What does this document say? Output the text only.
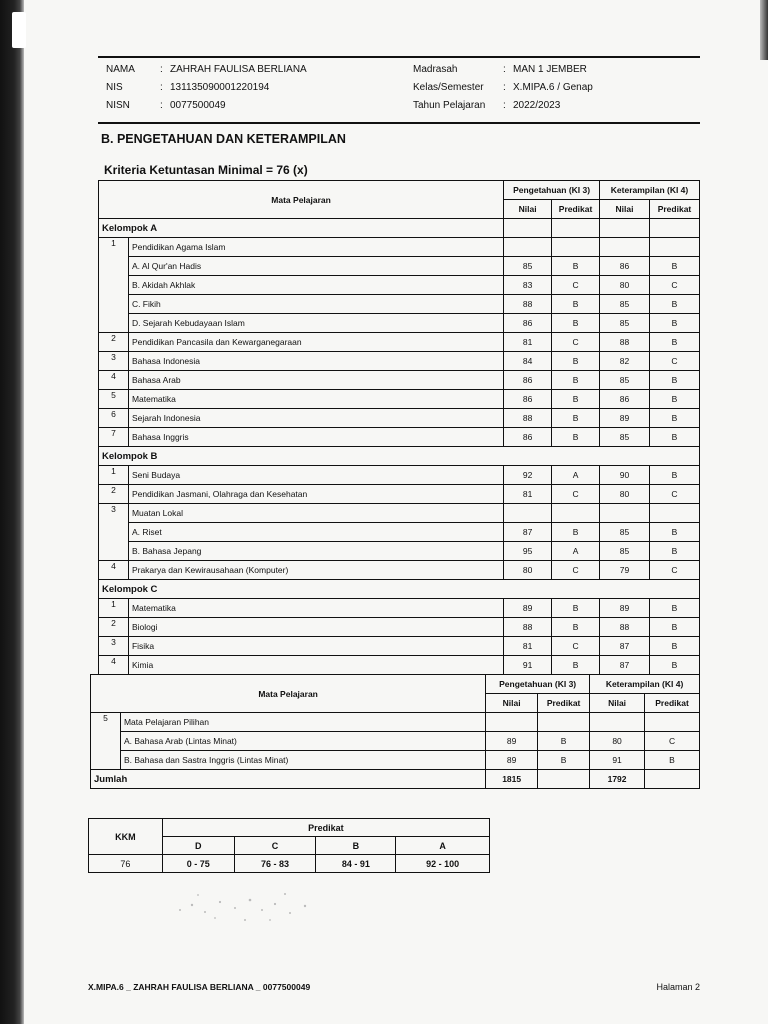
NAMA	: ZAHRAH FAULISA BERLIANA
NIS	: 131135090001220194
NISN	: 0077500049
Madrasah	: MAN 1 JEMBER
Kelas/Semester : X.MIPA.6 / Genap
Tahun Pelajaran : 2022/2023
B. PENGETAHUAN DAN KETERAMPILAN
Kriteria Ketuntasan Minimal = 76 (x)
Mata Pelajaran		Pengetahuan (KI 3)		Keterampilan (KI 4)	
		Nilai	Predikat	Nilai	Predikat
Kelompok A					
1	Pendidikan Agama Islam				
	A. Al Qur'an Hadis	85	B	86	B
	B. Akidah Akhlak	83	C	80	C
	C. Fikih	88	B	85	B
	D. Sejarah Kebudayaan Islam	86	B	85	B
2	Pendidikan Pancasila dan Kewarganegaraan	81	C	88	B
3	Bahasa Indonesia	84	B	82	C
4	Bahasa Arab	86	B	85	B
5	Matematika	86	B	86	B
6	Sejarah Indonesia	88	B	89	B
7	Bahasa Inggris	86	B	85	B
Kelompok B					
1	Seni Budaya	92	A	90	B
2	Pendidikan Jasmani, Olahraga dan Kesehatan	81	C	80	C
3	Muatan Lokal				
	A. Riset	87	B	85	B
	B. Bahasa Jepang	95	A	85	B
4	Prakarya dan Kewirausahaan (Komputer)	80	C	79	C
Kelompok C					
1	Matematika	89	B	89	B
2	Biologi	88	B	88	B
3	Fisika	81	C	87	B
4	Kimia	91	B	87	B
Mata Pelajaran		Pengetahuan (KI 3)		Keterampilan (KI 4)	
		Nilai	Predikat	Nilai	Predikat
5	Mata Pelajaran Pilihan				
	A. Bahasa Arab (Lintas Minat)	89	B	80	C
	B. Bahasa dan Sastra Inggris (Lintas Minat)	89	B	91	B
Jumlah		1815		1792	
KKM	Predikat			
	D	C	B	A
76	0 - 75	76 - 83	84 - 91	92 - 100
X.MIPA.6 _ ZAHRAH FAULISA BERLIANA _ 0077500049	Halaman 2
